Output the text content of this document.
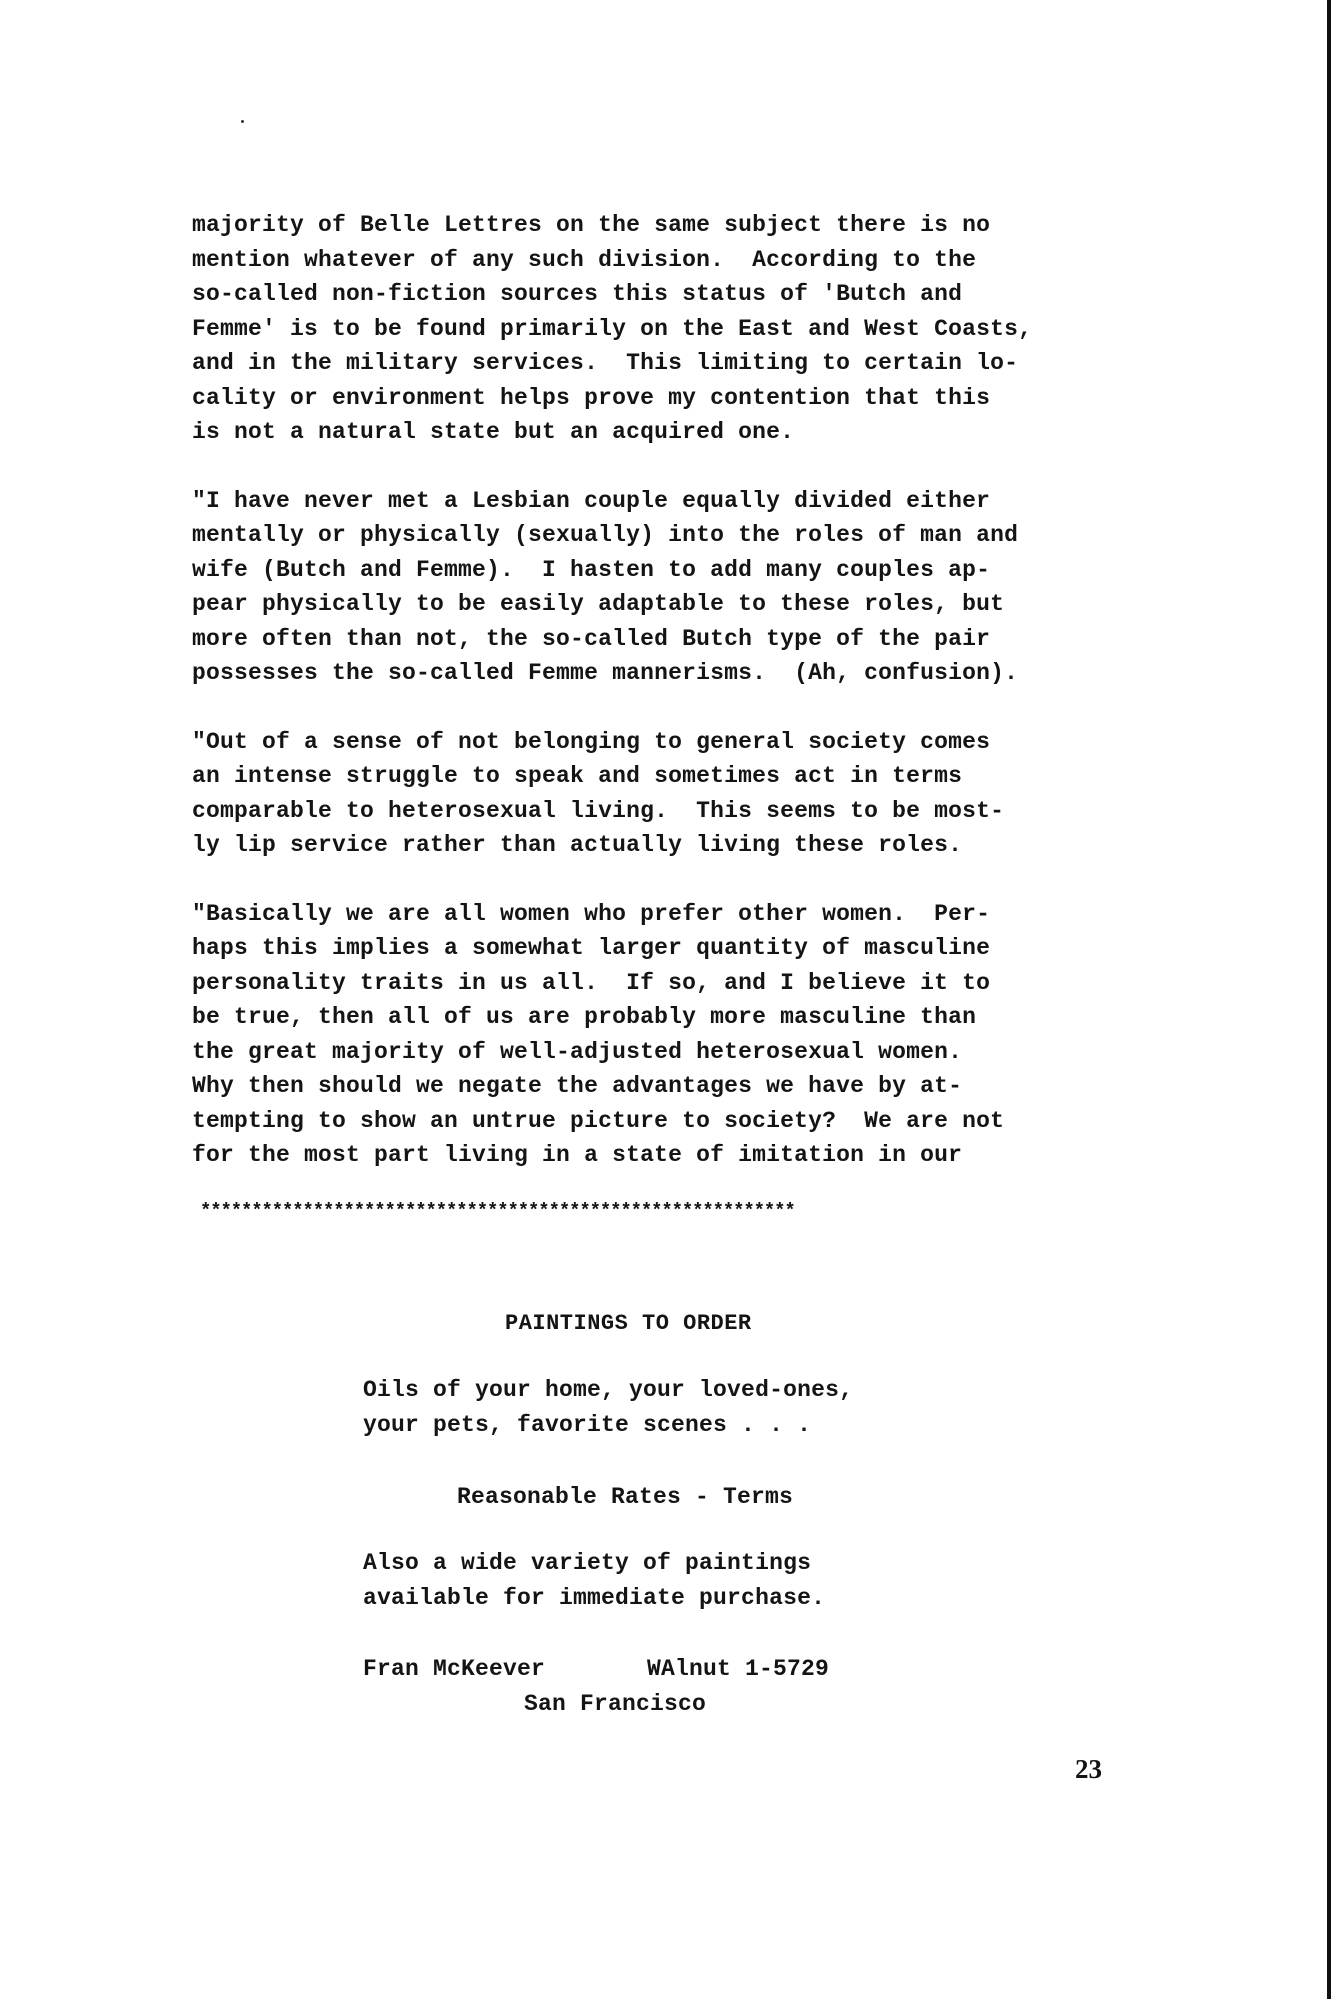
majority of Belle Lettres on the same subject there is no
mention whatever of any such division.  According to the
so-called non-fiction sources this status of 'Butch and
Femme' is to be found primarily on the East and West Coasts,
and in the military services.  This limiting to certain lo-
cality or environment helps prove my contention that this
is not a natural state but an acquired one.
"I have never met a Lesbian couple equally divided either
mentally or physically (sexually) into the roles of man and
wife (Butch and Femme).  I hasten to add many couples ap-
pear physically to be easily adaptable to these roles, but
more often than not, the so-called Butch type of the pair
possesses the so-called Femme mannerisms.  (Ah, confusion).
"Out of a sense of not belonging to general society comes
an intense struggle to speak and sometimes act in terms
comparable to heterosexual living.  This seems to be most-
ly lip service rather than actually living these roles.
"Basically we are all women who prefer other women.  Per-
haps this implies a somewhat larger quantity of masculine
personality traits in us all.  If so, and I believe it to
be true, then all of us are probably more masculine than
the great majority of well-adjusted heterosexual women.
Why then should we negate the advantages we have by at-
tempting to show an untrue picture to society?  We are not
for the most part living in a state of imitation in our
**********************************************************
PAINTINGS TO ORDER
Oils of your home, your loved-ones,
your pets, favorite scenes . . .
Reasonable Rates - Terms
Also a wide variety of paintings
available for immediate purchase.
Fran McKeever	WAlnut 1-5729
San Francisco
23
